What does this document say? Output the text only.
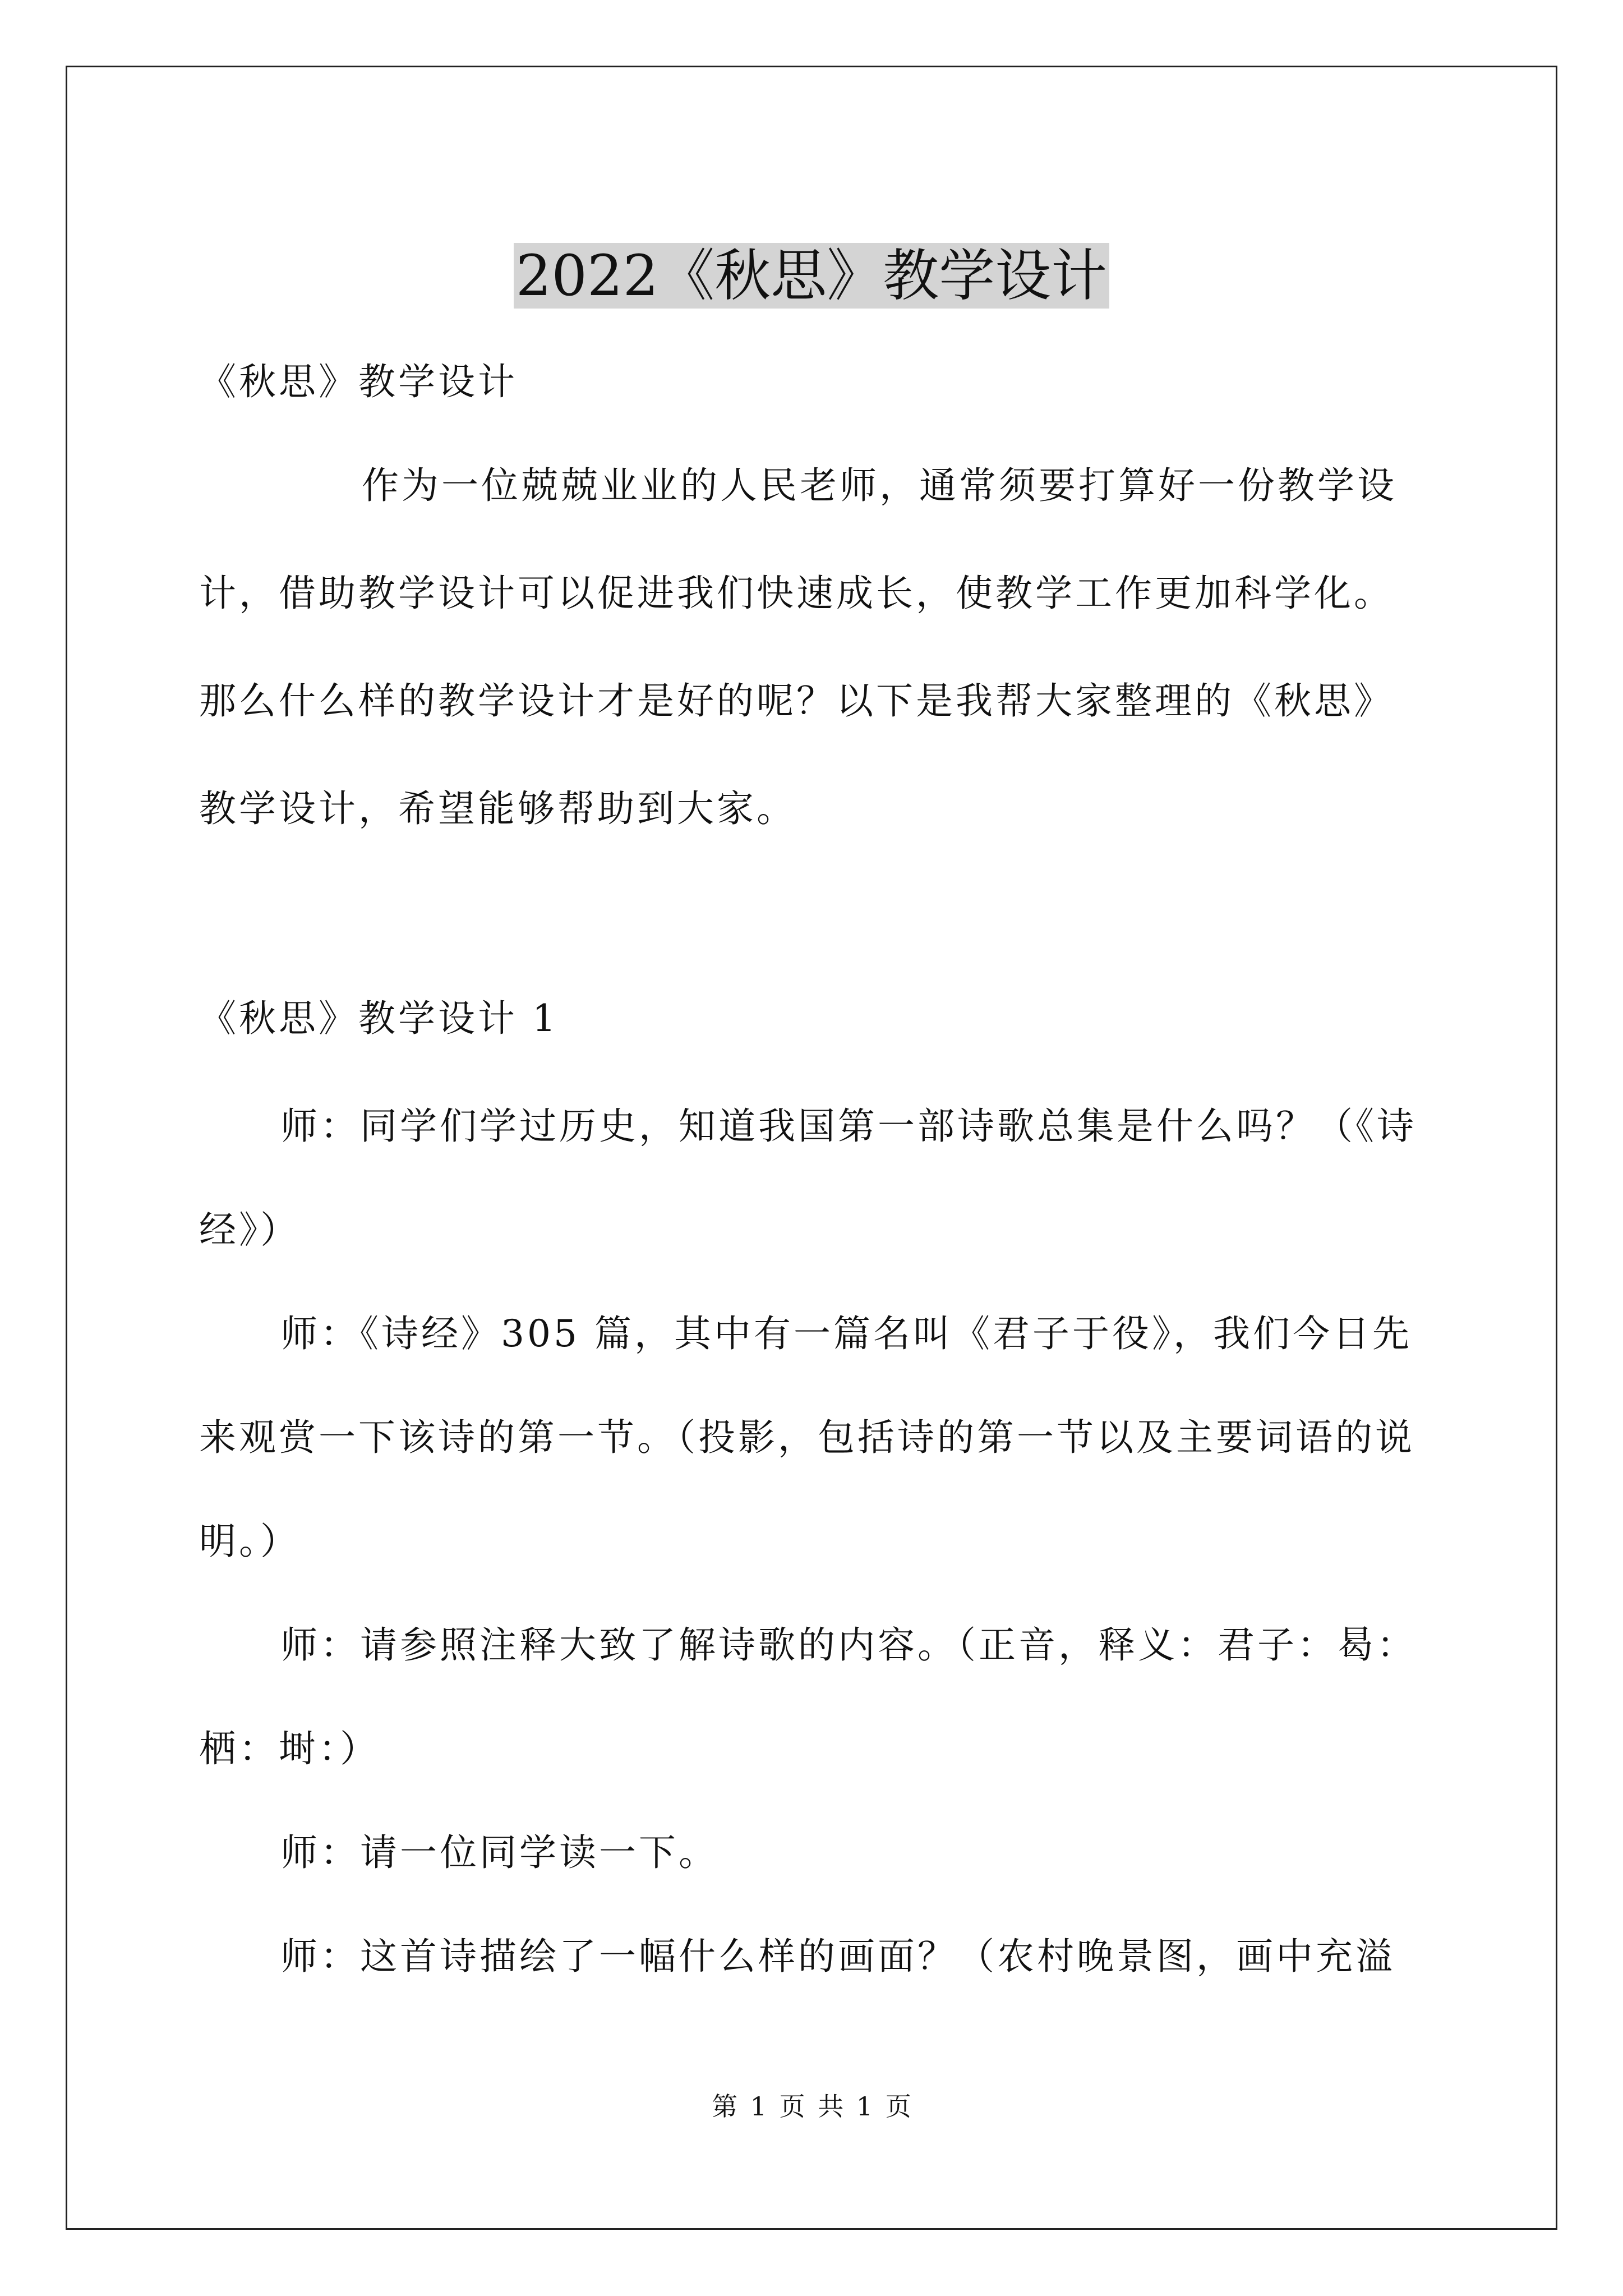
2022《秋思》教学设计
《秋思》教学设计
作为一位兢兢业业的人民老师，通常须要打算好一份教学设
计，借助教学设计可以促进我们快速成长，使教学工作更加科学化。
那么什么样的教学设计才是好的呢？以下是我帮大家整理的《秋思》
教学设计，希望能够帮助到大家。
《秋思》教学设计 1
师：同学们学过历史，知道我国第一部诗歌总集是什么吗？（《诗
经》）
师：《诗经》305 篇，其中有一篇名叫《君子于役》，我们今日先
来观赏一下该诗的第一节。（投影，包括诗的第一节以及主要词语的说
明。）
师：请参照注释大致了解诗歌的内容。（正音，释义：君子：曷：
栖：埘：）
师：请一位同学读一下。
师：这首诗描绘了一幅什么样的画面？（农村晚景图，画中充溢
第 1 页 共 1 页
